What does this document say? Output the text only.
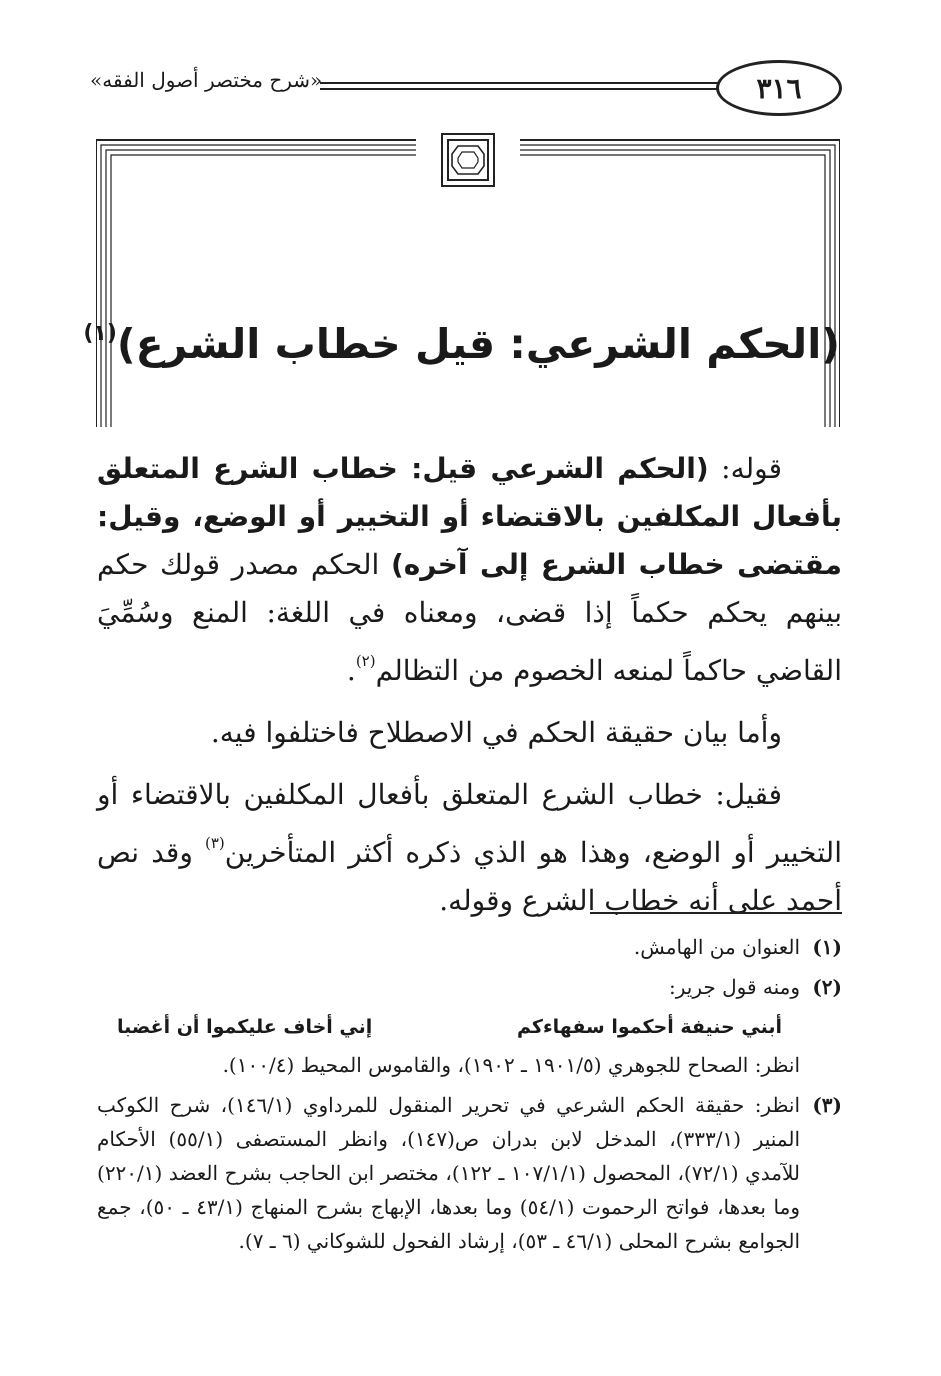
٣١٦
«شرح مختصر أصول الفقه»
(الحكم الشرعي: قيل خطاب الشرع)$^{(١)}$

قوله: (الحكم الشرعي قيل: خطاب الشرع المتعلق بأفعال المكلفين بالاقتضاء أو التخيير أو الوضع، وقيل: مقتضى خطاب الشرع إلى آخره) الحكم مصدر قولك حكم بينهم يحكم حكماً إذا قضى، ومعناه في اللغة: المنع وسُمِّيَ القاضي حاكماً لمنعه الخصوم من التظالم$^{(٢)}$.

وأما بيان حقيقة الحكم في الاصطلاح فاختلفوا فيه.

فقيل: خطاب الشرع المتعلق بأفعال المكلفين بالاقتضاء أو التخيير أو الوضع، وهذا هو الذي ذكره أكثر المتأخرين$^{(٣)}$ وقد نص أحمد على أنه خطاب الشرع وقوله.

(١)
العنوان من الهامش.
(٢)
ومنه قول جرير:
أبني حنيفة أحكموا سفهاءكم
إني أخاف عليكموا أن أغضبا
انظر: الصحاح للجوهري (١٩٠١/٥ ـ ١٩٠٢)، والقاموس المحيط (١٠٠/٤).
(٣)
انظر: حقيقة الحكم الشرعي في تحرير المنقول للمرداوي (١٤٦/١)، شرح الكوكب المنير (٣٣٣/١)، المدخل لابن بدران ص(١٤٧)، وانظر المستصفى (٥٥/١) الأحكام للآمدي (٧٢/١)، المحصول (١٠٧/١/١ ـ ١٢٢)، مختصر ابن الحاجب بشرح العضد (٢٢٠/١) وما بعدها، فواتح الرحموت (٥٤/١) وما بعدها، الإبهاج بشرح المنهاج (٤٣/١ ـ ٥٠)، جمع الجوامع بشرح المحلى (٤٦/١ ـ ٥٣)، إرشاد الفحول للشوكاني (٦ ـ ٧).
